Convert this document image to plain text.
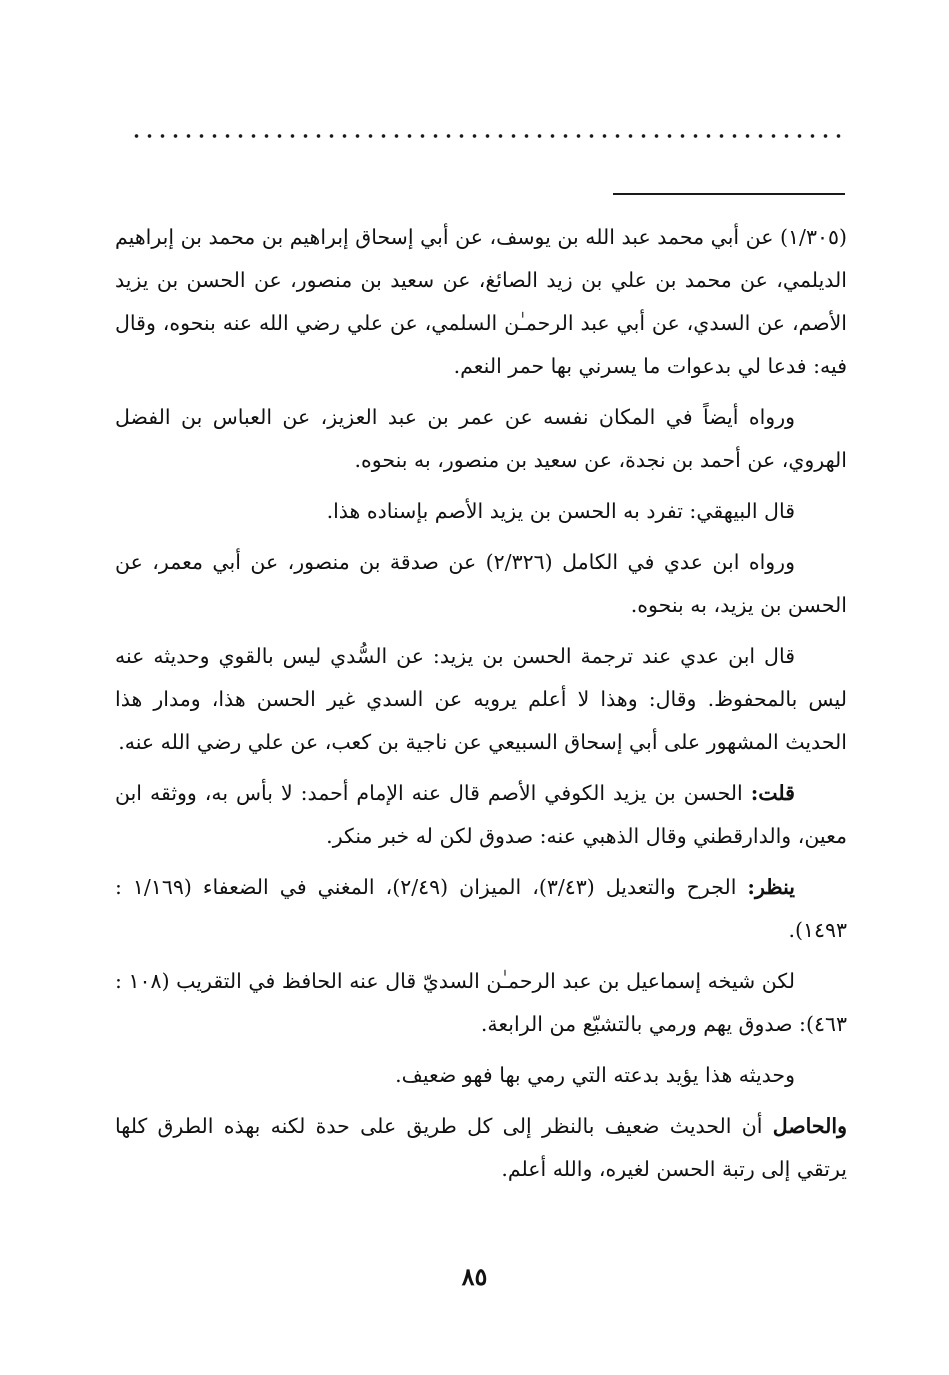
(١/٣٠٥) عن أبي محمد عبد الله بن يوسف، عن أبي إسحاق إبراهيم بن محمد بن إبراهيم الديلمي، عن محمد بن علي بن زيد الصائغ، عن سعيد بن منصور، عن الحسن بن يزيد الأصم، عن السدي، عن أبي عبد الرحمـٰن السلمي، عن علي رضي الله عنه بنحوه، وقال فيه: فدعا لي بدعوات ما يسرني بها حمر النعم.

ورواه أيضاً في المكان نفسه عن عمر بن عبد العزيز، عن العباس بن الفضل الهروي، عن أحمد بن نجدة، عن سعيد بن منصور، به بنحوه.

قال البيهقي: تفرد به الحسن بن يزيد الأصم بإسناده هذا.

ورواه ابن عدي في الكامل (٢/٣٢٦) عن صدقة بن منصور، عن أبي معمر، عن الحسن بن يزيد، به بنحوه.

قال ابن عدي عند ترجمة الحسن بن يزيد: عن السُّدي ليس بالقوي وحديثه عنه ليس بالمحفوظ. وقال: وهذا لا أعلم يرويه عن السدي غير الحسن هذا، ومدار هذا الحديث المشهور على أبي إسحاق السبيعي عن ناجية بن كعب، عن علي رضي الله عنه.

قلت: الحسن بن يزيد الكوفي الأصم قال عنه الإمام أحمد: لا بأس به، ووثقه ابن معين، والدارقطني وقال الذهبي عنه: صدوق لكن له خبر منكر.

ينظر: الجرح والتعديل (٣/٤٣)، الميزان (٢/٤٩)، المغني في الضعفاء (١/١٦٩ : ١٤٩٣).

لكن شيخه إسماعيل بن عبد الرحمـٰن السديّ قال عنه الحافظ في التقريب (١٠٨ : ٤٦٣): صدوق يهم ورمي بالتشيّع من الرابعة.

وحديثه هذا يؤيد بدعته التي رمي بها فهو ضعيف.

والحاصل أن الحديث ضعيف بالنظر إلى كل طريق على حدة لكنه بهذه الطرق كلها يرتقي إلى رتبة الحسن لغيره، والله أعلم.

٨٥
